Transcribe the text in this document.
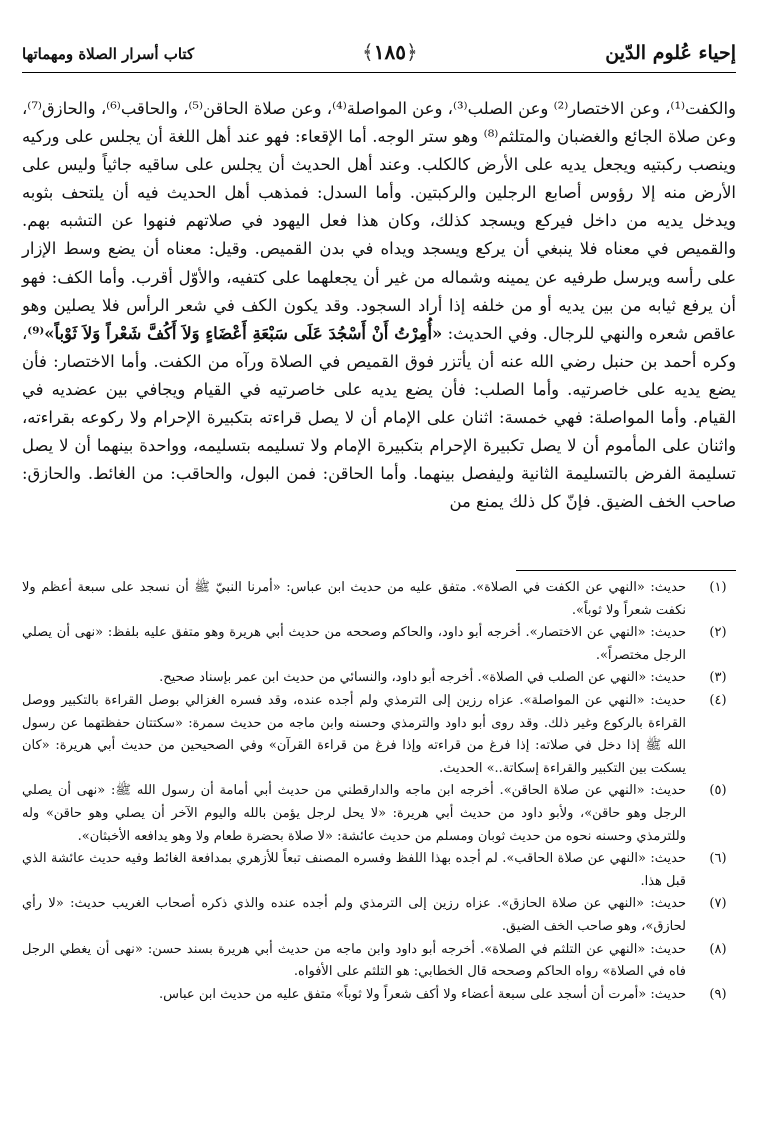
إحياء عُلوم الدّين
﴾١٨٥﴿
كتاب أسرار الصلاة ومهماتها

والكفت⁽¹⁾، وعن الاختصار⁽²⁾ وعن الصلب⁽³⁾، وعن المواصلة⁽⁴⁾، وعن صلاة الحاقن⁽⁵⁾، والحاقب⁽⁶⁾، والحازق⁽⁷⁾، وعن صلاة الجائع والغضبان والمتلثم⁽⁸⁾ وهو ستر الوجه. أما الإقعاء: فهو عند أهل اللغة أن يجلس على وركيه وينصب ركبتيه ويجعل يديه على الأرض كالكلب. وعند أهل الحديث أن يجلس على ساقيه جاثياً وليس على الأرض منه إلا رؤوس أصابع الرجلين والركبتين. وأما السدل: فمذهب أهل الحديث فيه أن يلتحف بثوبه ويدخل يديه من داخل فيركع ويسجد كذلك، وكان هذا فعل اليهود في صلاتهم فنهوا عن التشبه بهم. والقميص في معناه فلا ينبغي أن يركع ويسجد ويداه في بدن القميص. وقيل: معناه أن يضع وسط الإزار على رأسه ويرسل طرفيه عن يمينه وشماله من غير أن يجعلهما على كتفيه، والأوّل أقرب. وأما الكف: فهو أن يرفع ثيابه من بين يديه أو من خلفه إذا أراد السجود. وقد يكون الكف في شعر الرأس فلا يصلين وهو عاقص شعره والنهي للرجال. وفي الحديث: «أُمِرْتُ أَنْ أَسْجُدَ عَلَى سَبْعَةِ أَعْضَاءٍ وَلاَ أَكُفَّ شَعْراً وَلاَ ثَوْباً»⁽⁹⁾، وكره أحمد بن حنبل رضي الله عنه أن يأتزر فوق القميص في الصلاة ورآه من الكفت. وأما الاختصار: فأن يضع يديه على خاصرتيه. وأما الصلب: فأن يضع يديه على خاصرتيه في القيام ويجافي بين عضديه في القيام. وأما المواصلة: فهي خمسة: اثنان على الإمام أن لا يصل قراءته بتكبيرة الإحرام ولا ركوعه بقراءته، واثنان على المأموم أن لا يصل تكبيرة الإحرام بتكبيرة الإمام ولا تسليمه بتسليمه، وواحدة بينهما أن لا يصل تسليمة الفرض بالتسليمة الثانية وليفصل بينهما. وأما الحاقن: فمن البول، والحاقب: من الغائط. والحازق: صاحب الخف الضيق. فإنّ كل ذلك يمنع من

(١)
حديث: «النهي عن الكفت في الصلاة». متفق عليه من حديث ابن عباس: «أمرنا النبيّ ﷺ أن نسجد على سبعة أعظم ولا نكفت شعراً ولا ثوباً».
(٢)
حديث: «النهي عن الاختصار». أخرجه أبو داود، والحاكم وصححه من حديث أبي هريرة وهو متفق عليه بلفظ: «نهى أن يصلي الرجل مختصراً».
(٣)
حديث: «النهي عن الصلب في الصلاة». أخرجه أبو داود، والنسائي من حديث ابن عمر بإسناد صحيح.
(٤)
حديث: «النهي عن المواصلة». عزاه رزين إلى الترمذي ولم أجده عنده، وقد فسره الغزالي بوصل القراءة بالتكبير ووصل القراءة بالركوع وغير ذلك. وقد روى أبو داود والترمذي وحسنه وابن ماجه من حديث سمرة: «سكتتان حفظتهما عن رسول الله ﷺ إذا دخل في صلاته: إذا فرغ من قراءته وإذا فرغ من قراءة القرآن» وفي الصحيحين من حديث أبي هريرة: «كان يسكت بين التكبير والقراءة إسكاتة..» الحديث.
(٥)
حديث: «النهي عن صلاة الحاقن». أخرجه ابن ماجه والدارقطني من حديث أبي أمامة أن رسول الله ﷺ: «نهى أن يصلي الرجل وهو حاقن»، ولأبو داود من حديث أبي هريرة: «لا يحل لرجل يؤمن بالله واليوم الآخر أن يصلي وهو حاقن» وله وللترمذي وحسنه نحوه من حديث ثوبان ومسلم من حديث عائشة: «لا صلاة بحضرة طعام ولا وهو يدافعه الأخبثان».
(٦)
حديث: «النهي عن صلاة الحاقب». لم أجده بهذا اللفظ وفسره المصنف تبعاً للأزهري بمدافعة الغائط وفيه حديث عائشة الذي قبل هذا.
(٧)
حديث: «النهي عن صلاة الحازق». عزاه رزين إلى الترمذي ولم أجده عنده والذي ذكره أصحاب الغريب حديث: «لا رأي لحازق»، وهو صاحب الخف الضيق.
(٨)
حديث: «النهي عن التلثم في الصلاة». أخرجه أبو داود وابن ماجه من حديث أبي هريرة بسند حسن: «نهى أن يغطي الرجل فاه في الصلاة» رواه الحاكم وصححه قال الخطابي: هو التلثم على الأفواه.
(٩)
حديث: «أمرت أن أسجد على سبعة أعضاء ولا أكف شعراً ولا ثوباً» متفق عليه من حديث ابن عباس.
